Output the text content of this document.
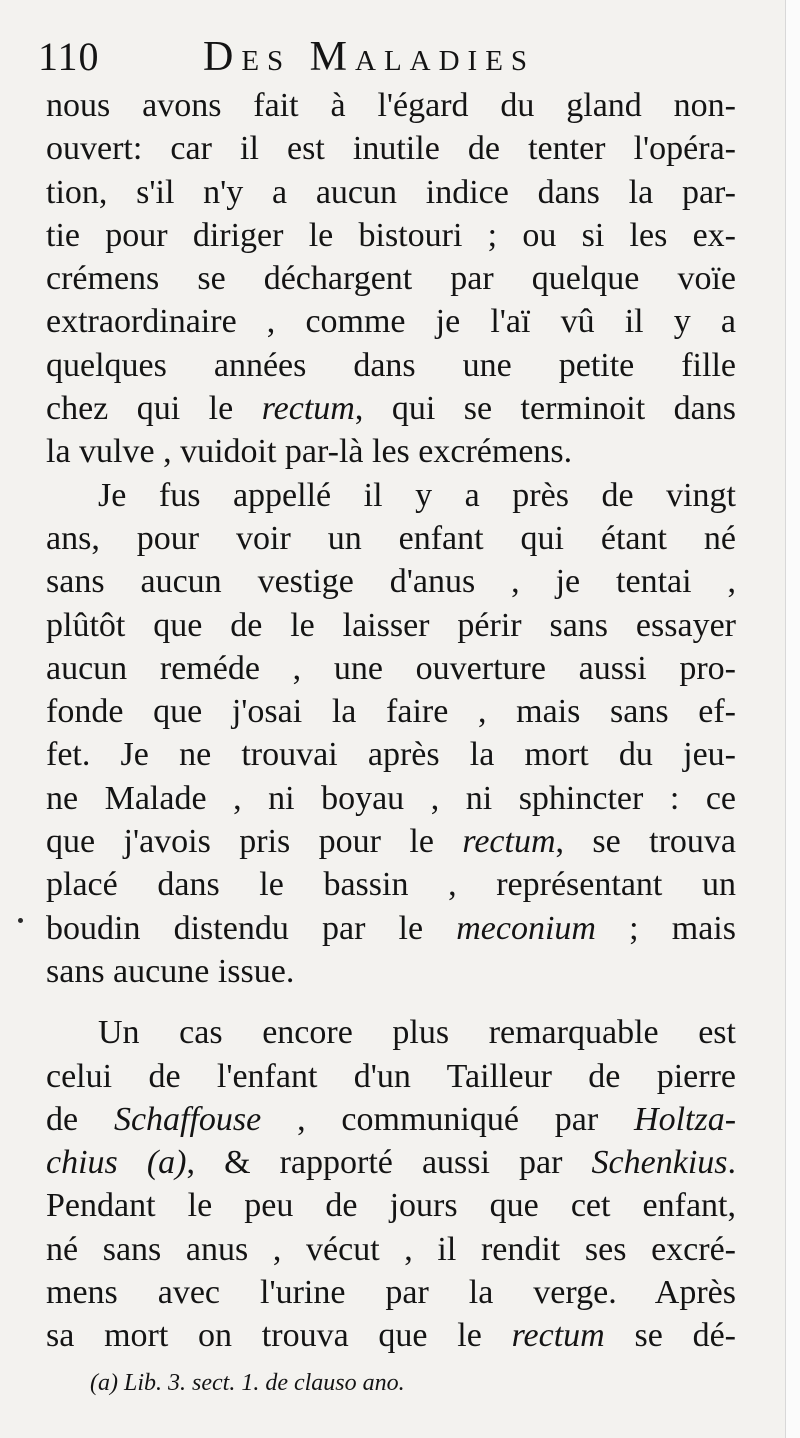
110 Des Maladies
nous avons fait à l'égard du gland non-
ouvert: car il est inutile de tenter l'opéra-
tion, s'il n'y a aucun indice dans la par-
tie pour diriger le bistouri ; ou si les ex-
crémens se déchargent par quelque voïe
extraordinaire , comme je l'aï vû il y a
quelques années dans une petite fille
chez qui le rectum, qui se terminoit dans
la vulve , vuidoit par-là les excrémens.
Je fus appellé il y a près de vingt
ans, pour voir un enfant qui étant né
sans aucun vestige d'anus , je tentai ,
plûtôt que de le laisser périr sans essayer
aucun reméde , une ouverture aussi pro-
fonde que j'osai la faire , mais sans ef-
fet. Je ne trouvai après la mort du jeu-
ne Malade , ni boyau , ni sphincter : ce
que j'avois pris pour le rectum, se trouva
placé dans le bassin , représentant un
boudin distendu par le meconium ; mais
sans aucune issue.
Un cas encore plus remarquable est
celui de l'enfant d'un Tailleur de pierre
de Schaffouse , communiqué par Holtza-
chius (a), & rapporté aussi par Schenkius.
Pendant le peu de jours que cet enfant,
né sans anus , vécut , il rendit ses excré-
mens avec l'urine par la verge. Après
sa mort on trouva que le rectum se dé-
(a) Lib. 3. sect. 1. de clauso ano.
